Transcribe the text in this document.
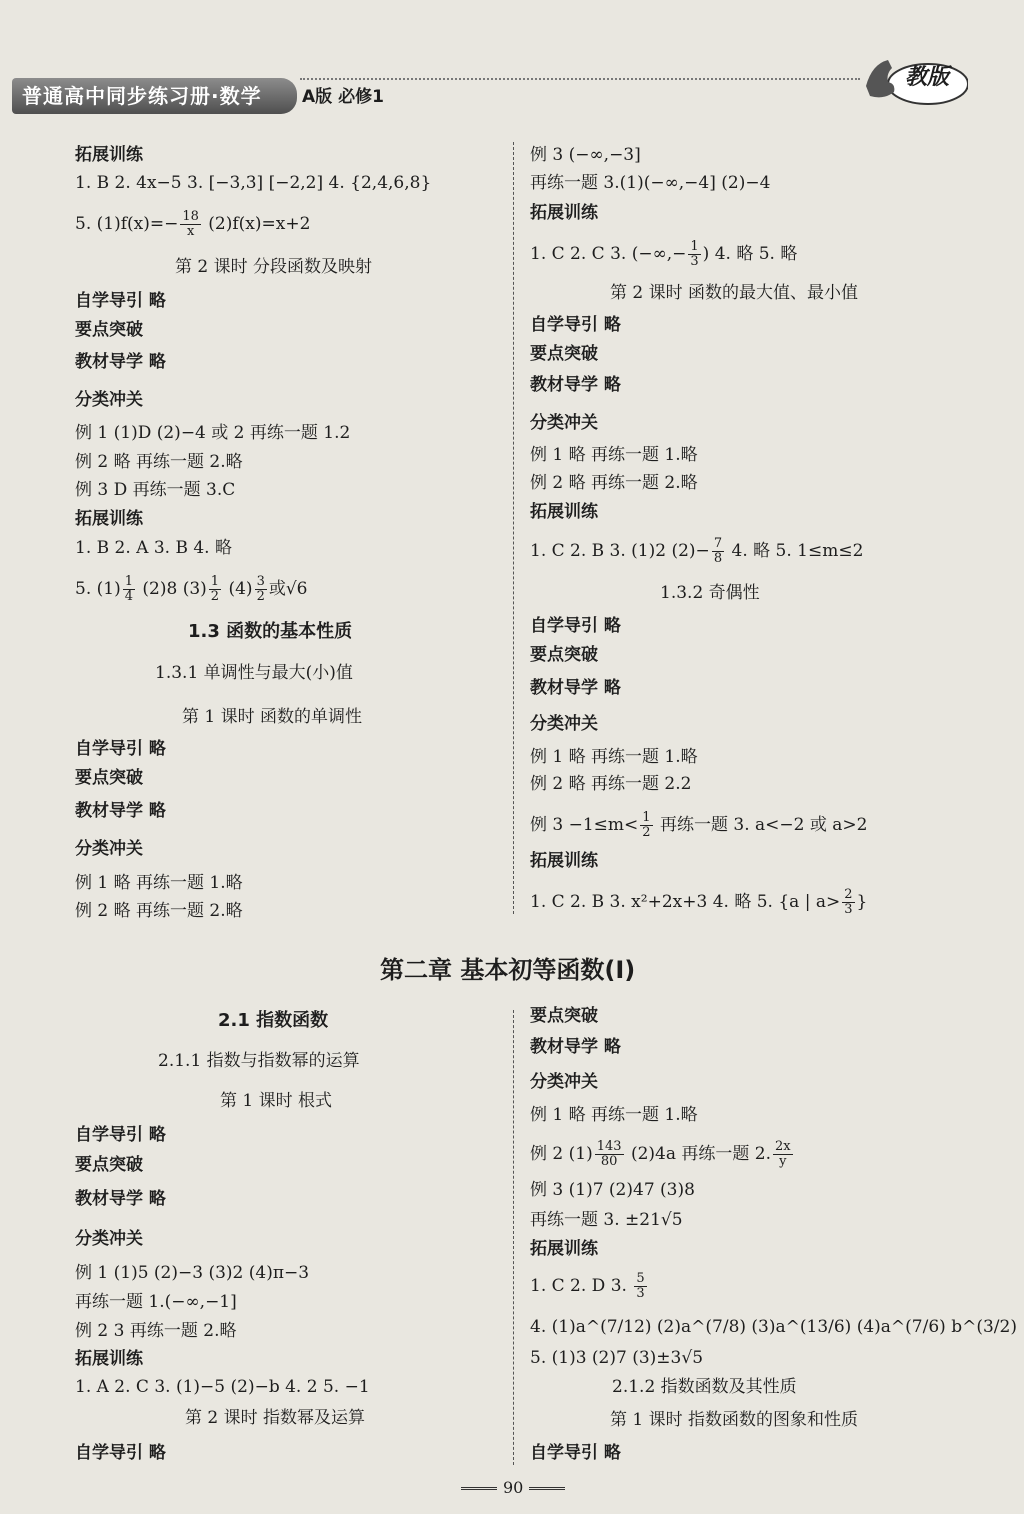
普通高中同步练习册·数学 A版 必修1
教版
拓展训练
1. B 2. 4x−5 3. [−3,3] [−2,2] 4. {2,4,6,8}
5. $(1)f(x)=- \frac{18}{x} (2)f(x)=x+2$
第 2 课时 分段函数及映射
自学导引 略
要点突破
教材导学 略
分类冲关
例 1 (1)D (2)−4 或 2 再练一题 1.2
例 2 略 再练一题 2.略
例 3 D 再练一题 3.C
拓展训练
1. B 2. A 3. B 4. 略
5. $(1) \frac{1}{4} (2)8$ $(3) \frac{1}{2} (4) \frac{3}{2}$ 或√6
1.3 函数的基本性质
1.3.1 单调性与最大(小)值
第 1 课时 函数的单调性
自学导引 略
要点突破
教材导学 略
分类冲关
例 1 略 再练一题 1.略
例 2 略 再练一题 2.略
例 3 (−∞,−3]
再练一题 3.(1)(−∞,−4] (2)−4
拓展训练
1. C 2. C 3. (−∞,− $\frac{1}{3}$ ) 4. 略 5. 略
第 2 课时 函数的最大值、最小值
自学导引 略
要点突破
教材导学 略
分类冲关
例 1 略 再练一题 1.略
例 2 略 再练一题 2.略
拓展训练
1. C 2. B 3. (1)2 $(2)- \frac{7}{8} 4$. 略 5. 1≤m≤2
1.3.2 奇偶性
自学导引 略
要点突破
教材导学 略
分类冲关
例 1 略 再练一题 1.略
例 2 略 再练一题 2.2
例 $3 -1\le m< \frac{1}{2}$ 再练一题 3. a<−2 或 a>2
拓展训练
1. C 2. B 3. x²+2x+3 4. 略 5. {a | $a> \frac{2}{3}$ }
第二章 基本初等函数(Ⅰ)
2.1 指数函数
2.1.1 指数与指数幂的运算
第 1 课时 根式
自学导引 略
要点突破
教材导学 略
分类冲关
例 1 (1)5 (2)−3 (3)2 (4)π−3
再练一题 1.(−∞,−1]
例 2 3 再练一题 2.略
拓展训练
1. A 2. C 3. (1)−5 (2)−b 4. 2 5. −1
第 2 课时 指数幂及运算
自学导引 略
要点突破
教材导学 略
分类冲关
例 1 略 再练一题 1.略
例 2 $(1) \frac{143}{80} (2)4a$ 再练一题 2. $\frac{2x}{y}$
例 3 (1)7 (2)47 (3)8
再练一题 3. ±21√5
拓展训练
1. C 2. D 3. $\frac{5}{3}$
4. (1)a^(7/12) (2)a^(7/8) (3)a^(13/6) (4)a^(7/6) b^(3/2)
5. (1)3 (2)7 (3)±3√5
2.1.2 指数函数及其性质
第 1 课时 指数函数的图象和性质
自学导引 略
90
